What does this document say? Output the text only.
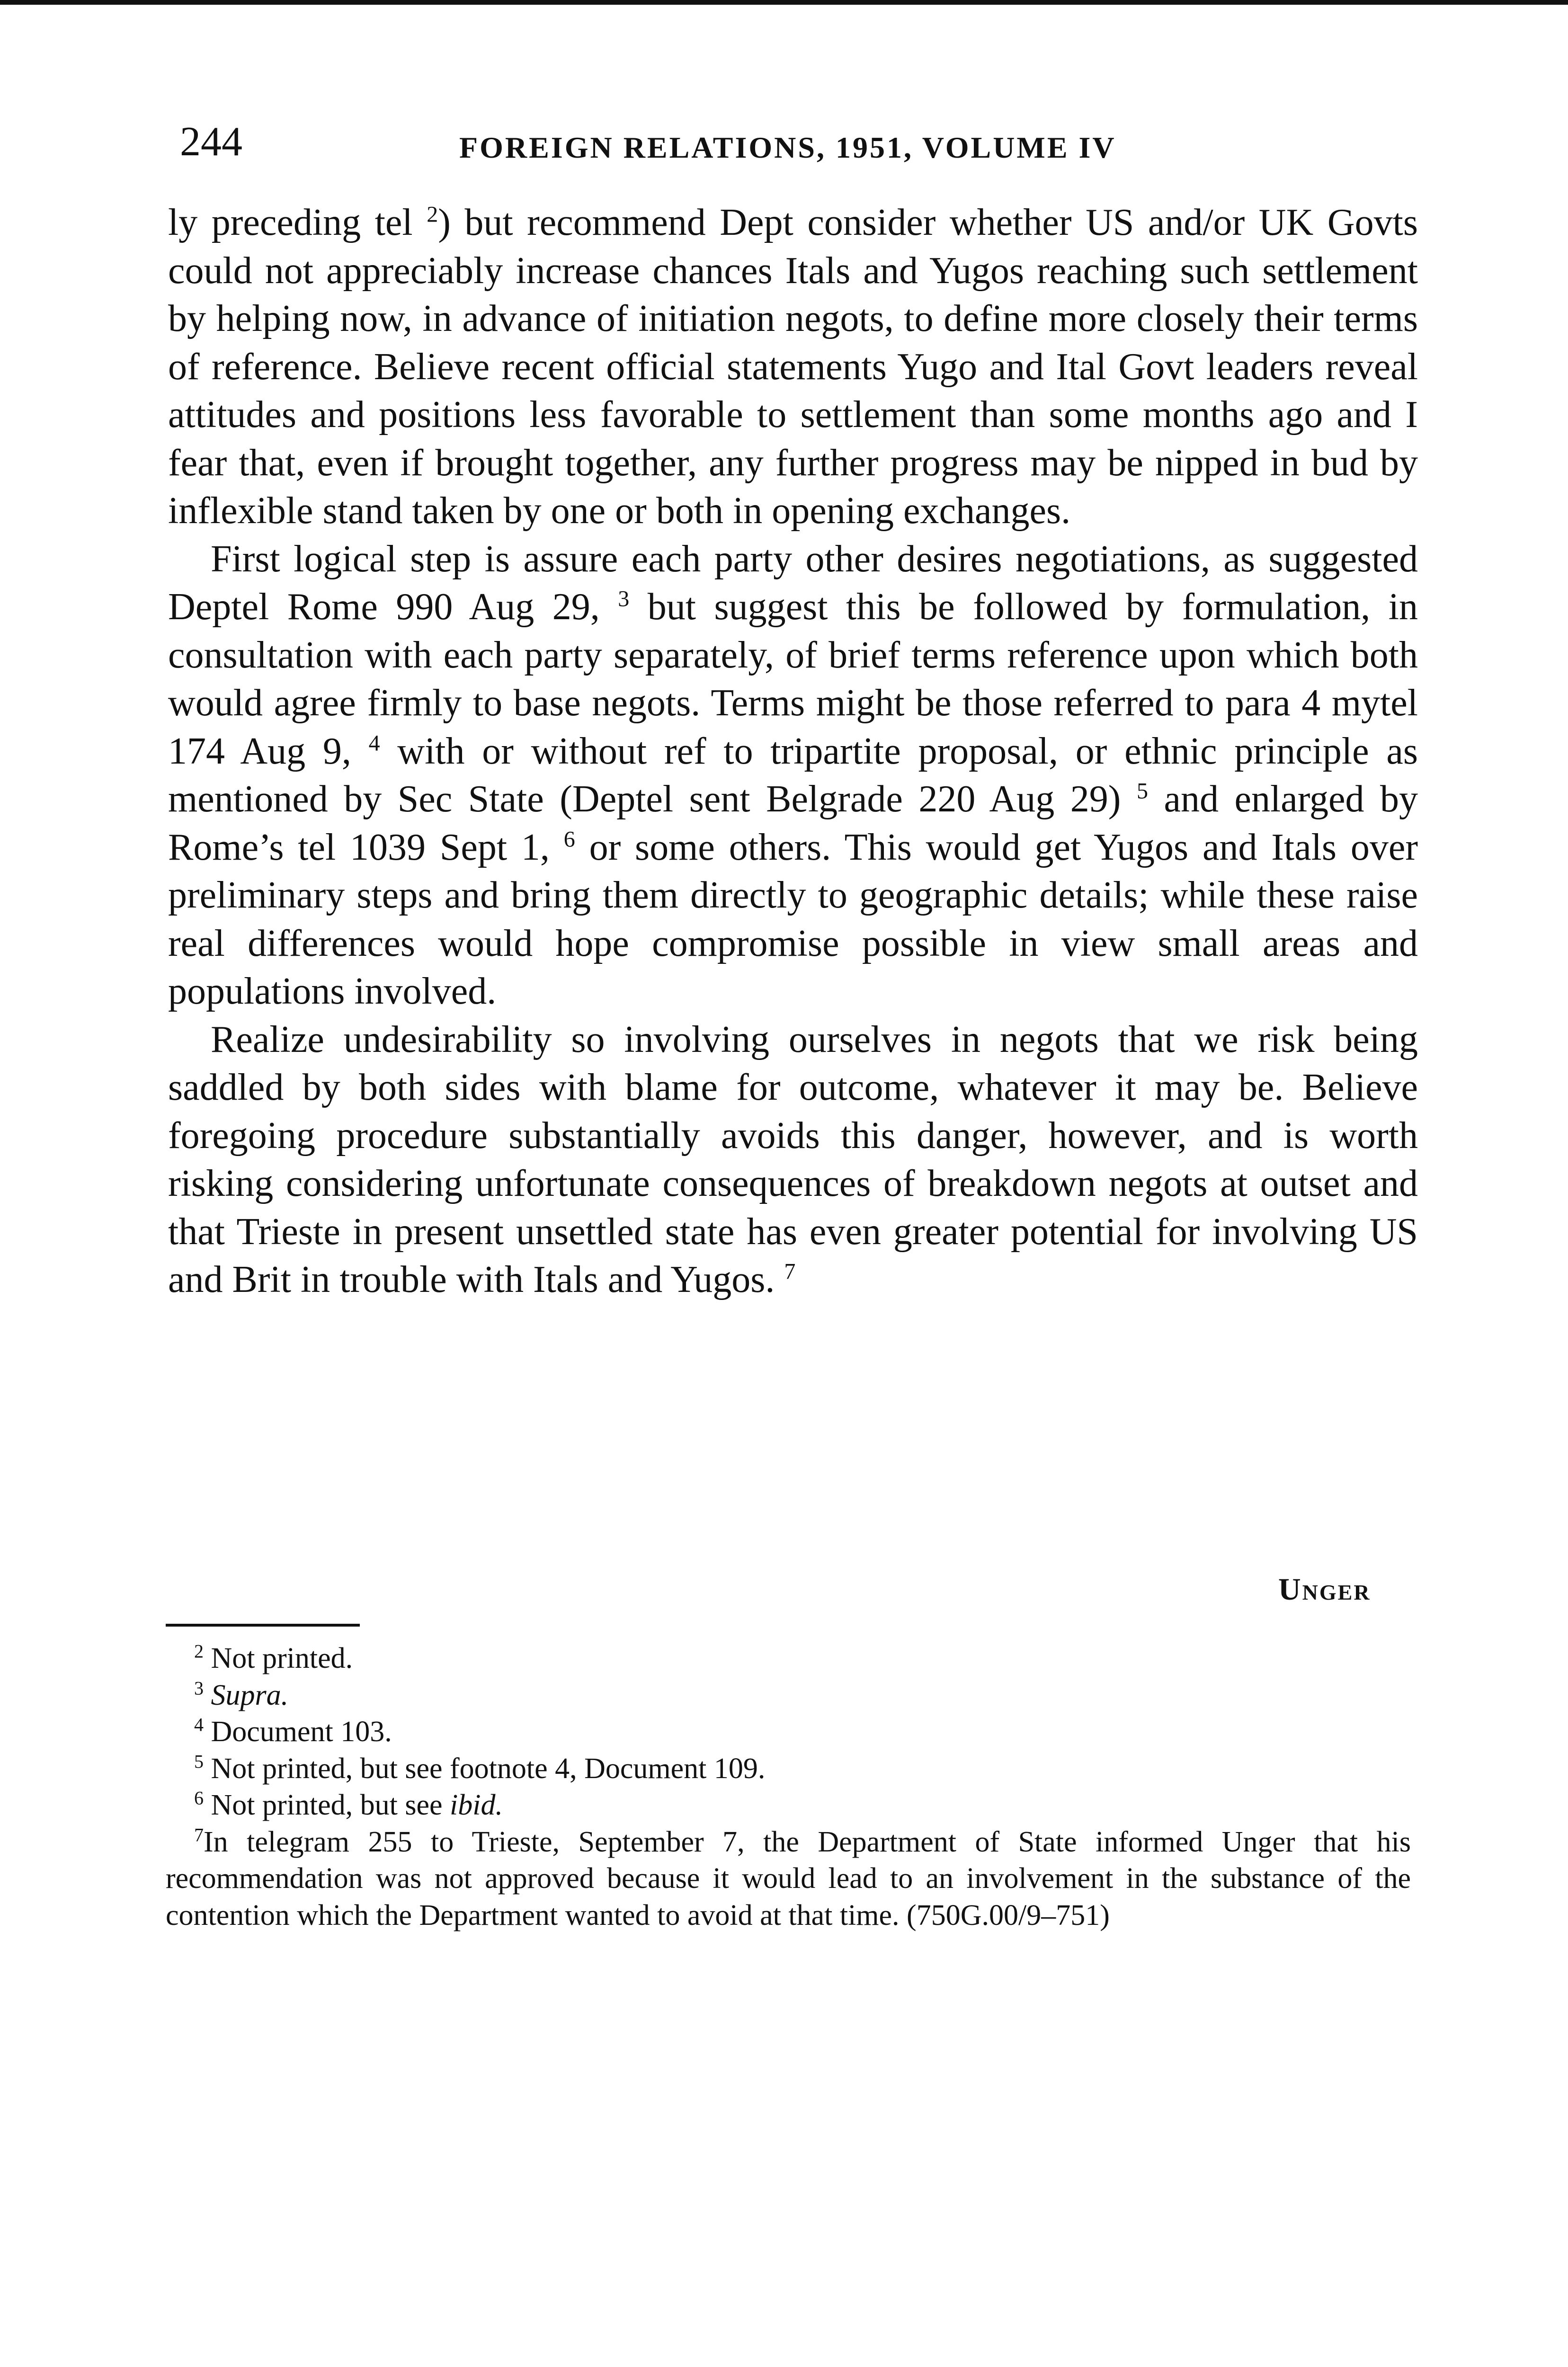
244	FOREIGN RELATIONS, 1951, VOLUME IV

ly preceding tel $^2$) but recommend Dept consider whether US and/or UK Govts could not appreciably increase chances Itals and Yugos reaching such settlement by helping now, in advance of initiation negots, to define more closely their terms of reference. Believe recent official statements Yugo and Ital Govt leaders reveal attitudes and positions less favorable to settlement than some months ago and I fear that, even if brought together, any further progress may be nipped in bud by inflexible stand taken by one or both in opening exchanges.

First logical step is assure each party other desires negotiations, as suggested Deptel Rome 990 Aug 29, $^3$ but suggest this be followed by formulation, in consultation with each party separately, of brief terms reference upon which both would agree firmly to base negots. Terms might be those referred to para 4 mytel 174 Aug 9, $^4$ with or without ref to tripartite proposal, or ethnic principle as mentioned by Sec State (Deptel sent Belgrade 220 Aug 29) $^5$ and enlarged by Rome’s tel 1039 Sept 1, $^6$ or some others. This would get Yugos and Itals over preliminary steps and bring them directly to geographic details; while these raise real differences would hope compromise possible in view small areas and populations involved.

Realize undesirability so involving ourselves in negots that we risk being saddled by both sides with blame for outcome, whatever it may be. Believe foregoing procedure substantially avoids this danger, however, and is worth risking considering unfortunate consequences of breakdown negots at outset and that Trieste in present unsettled state has even greater potential for involving US and Brit in trouble with Itals and Yugos. $^7$

Unger

$^2$ Not printed.

$^3$ Supra.

$^4$ Document 103.

$^5$ Not printed, but see footnote 4, Document 109.

$^6$ Not printed, but see ibid.

$^7$In telegram 255 to Trieste, September 7, the Department of State informed Unger that his recommendation was not approved because it would lead to an involvement in the substance of the contention which the Department wanted to avoid at that time. (750G.00/9–751)
